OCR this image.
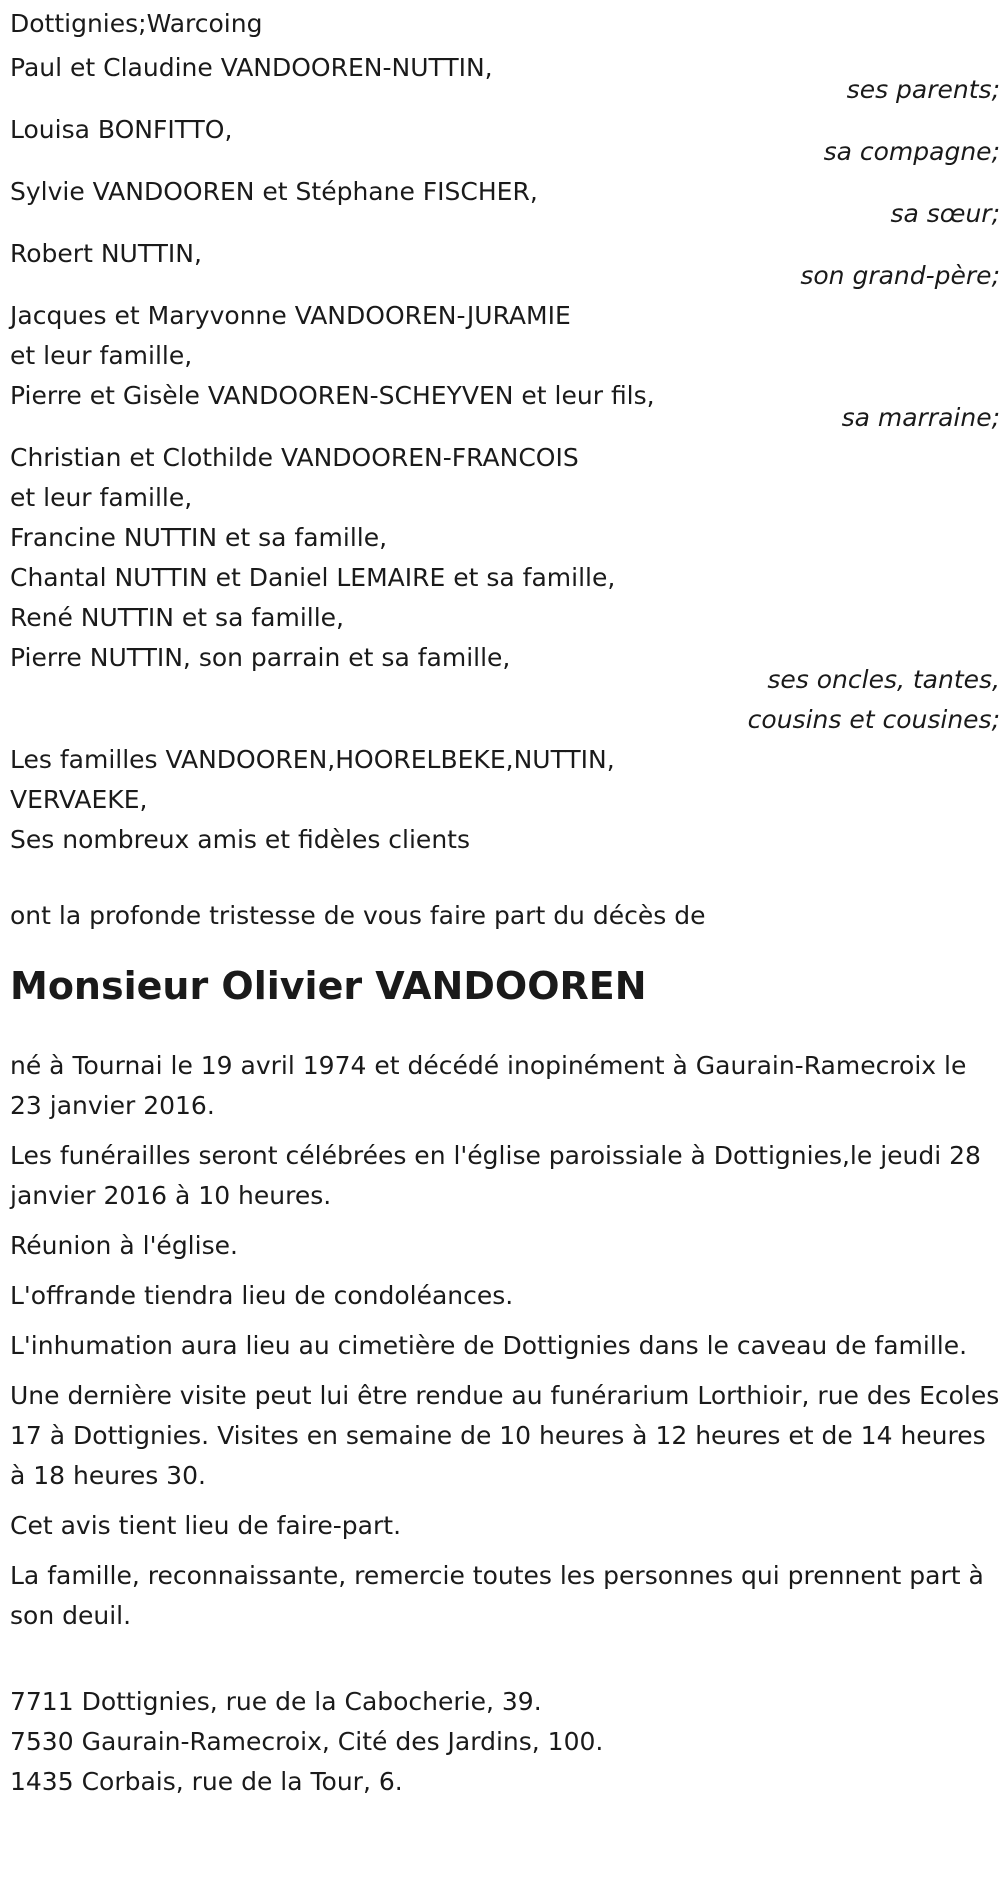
Dottignies;Warcoing
Paul et Claudine VANDOOREN-NUTTIN,
ses parents;
Louisa BONFITTO,
sa compagne;
Sylvie VANDOOREN et Stéphane FISCHER,
sa sœur;
Robert NUTTIN,
son grand-père;
Jacques et Maryvonne VANDOOREN-JURAMIE
et leur famille,
Pierre et Gisèle VANDOOREN-SCHEYVEN et leur fils,
sa marraine;
Christian et Clothilde VANDOOREN-FRANCOIS
et leur famille,
Francine NUTTIN et sa famille,
Chantal NUTTIN et Daniel LEMAIRE et sa famille,
René NUTTIN et sa famille,
Pierre NUTTIN, son parrain et sa famille,
ses oncles, tantes,
cousins et cousines;
Les familles VANDOOREN,HOORELBEKE,NUTTIN,
VERVAEKE,
Ses nombreux amis et fidèles clients
ont la profonde tristesse de vous faire part du décès de
Monsieur Olivier VANDOOREN
né à Tournai le 19 avril 1974 et décédé inopinément à Gaurain-Ramecroix le 23 janvier 2016.
Les funérailles seront célébrées en l'église paroissiale à Dottignies,le jeudi 28 janvier 2016 à 10 heures.
Réunion à l'église.
L'offrande tiendra lieu de condoléances.
L'inhumation aura lieu au cimetière de Dottignies dans le caveau de famille.
Une dernière visite peut lui être rendue au funérarium Lorthioir, rue des Ecoles 17 à Dottignies. Visites en semaine de 10 heures à 12 heures et de 14 heures à 18 heures 30.
Cet avis tient lieu de faire-part.
La famille, reconnaissante, remercie toutes les personnes qui prennent part à son deuil.
7711 Dottignies, rue de la Cabocherie, 39.
7530 Gaurain-Ramecroix, Cité des Jardins, 100.
1435 Corbais, rue de la Tour, 6.
